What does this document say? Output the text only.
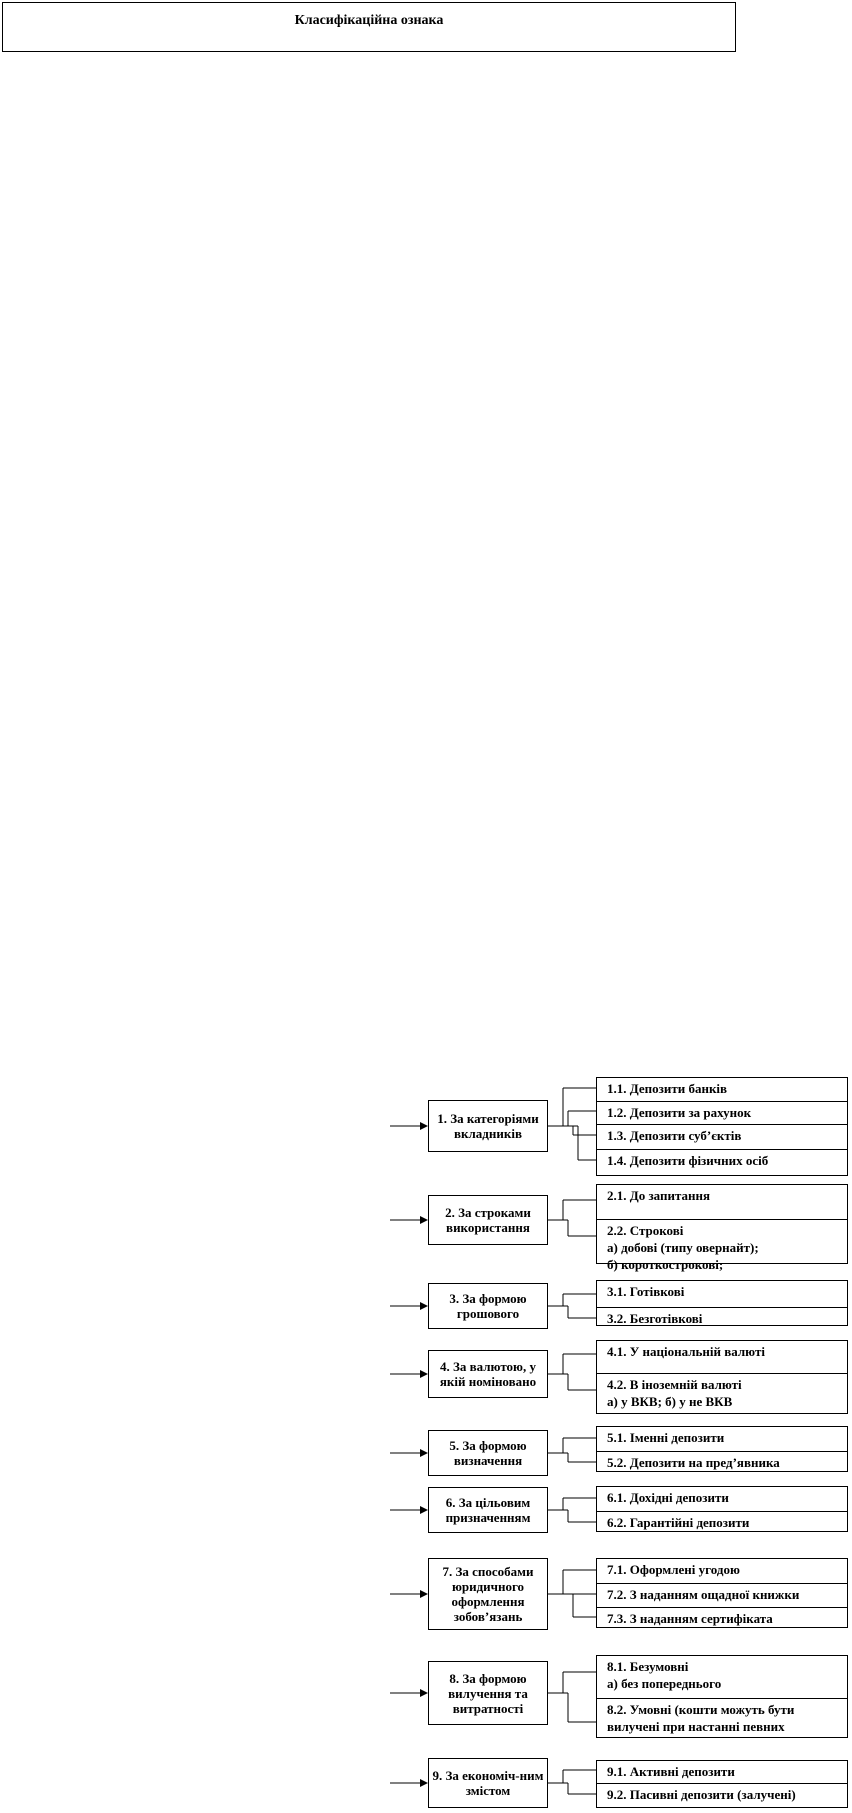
Класифікаційна ознака
1. За категоріями вкладників
1.1. Депозити банків
1.2. Депозити за рахунок
1.3. Депозити суб’єктів
1.4. Депозити фізичних осіб
2. За строками використання
2.1. До запитання
2.2. Строкові
а) добові (типу овернайт);
б) короткострокові;
3. За формою грошового
3.1. Готівкові
3.2. Безготівкові
4. За валютою, у якій номіновано
4.1. У національній валюті
4.2. В іноземній валюті
а) у ВКВ; б) у не ВКВ
5. За формою визначення
5.1. Іменні депозити
5.2. Депозити на пред’явника
6. За цільовим призначенням
6.1. Дохідні депозити
6.2. Гарантійні депозити
7. За способами юридичного оформлення зобов’язань
7.1. Оформлені угодою
7.2. З наданням ощадної книжки
7.3. З наданням сертифіката
8. За формою вилучення та витратності
8.1. Безумовні
а) без попереднього
8.2. Умовні (кошти можуть бути
вилучені при настанні певних
9. За економіч-ним змістом
9.1. Активні депозити
9.2. Пасивні депозити (залучені)
